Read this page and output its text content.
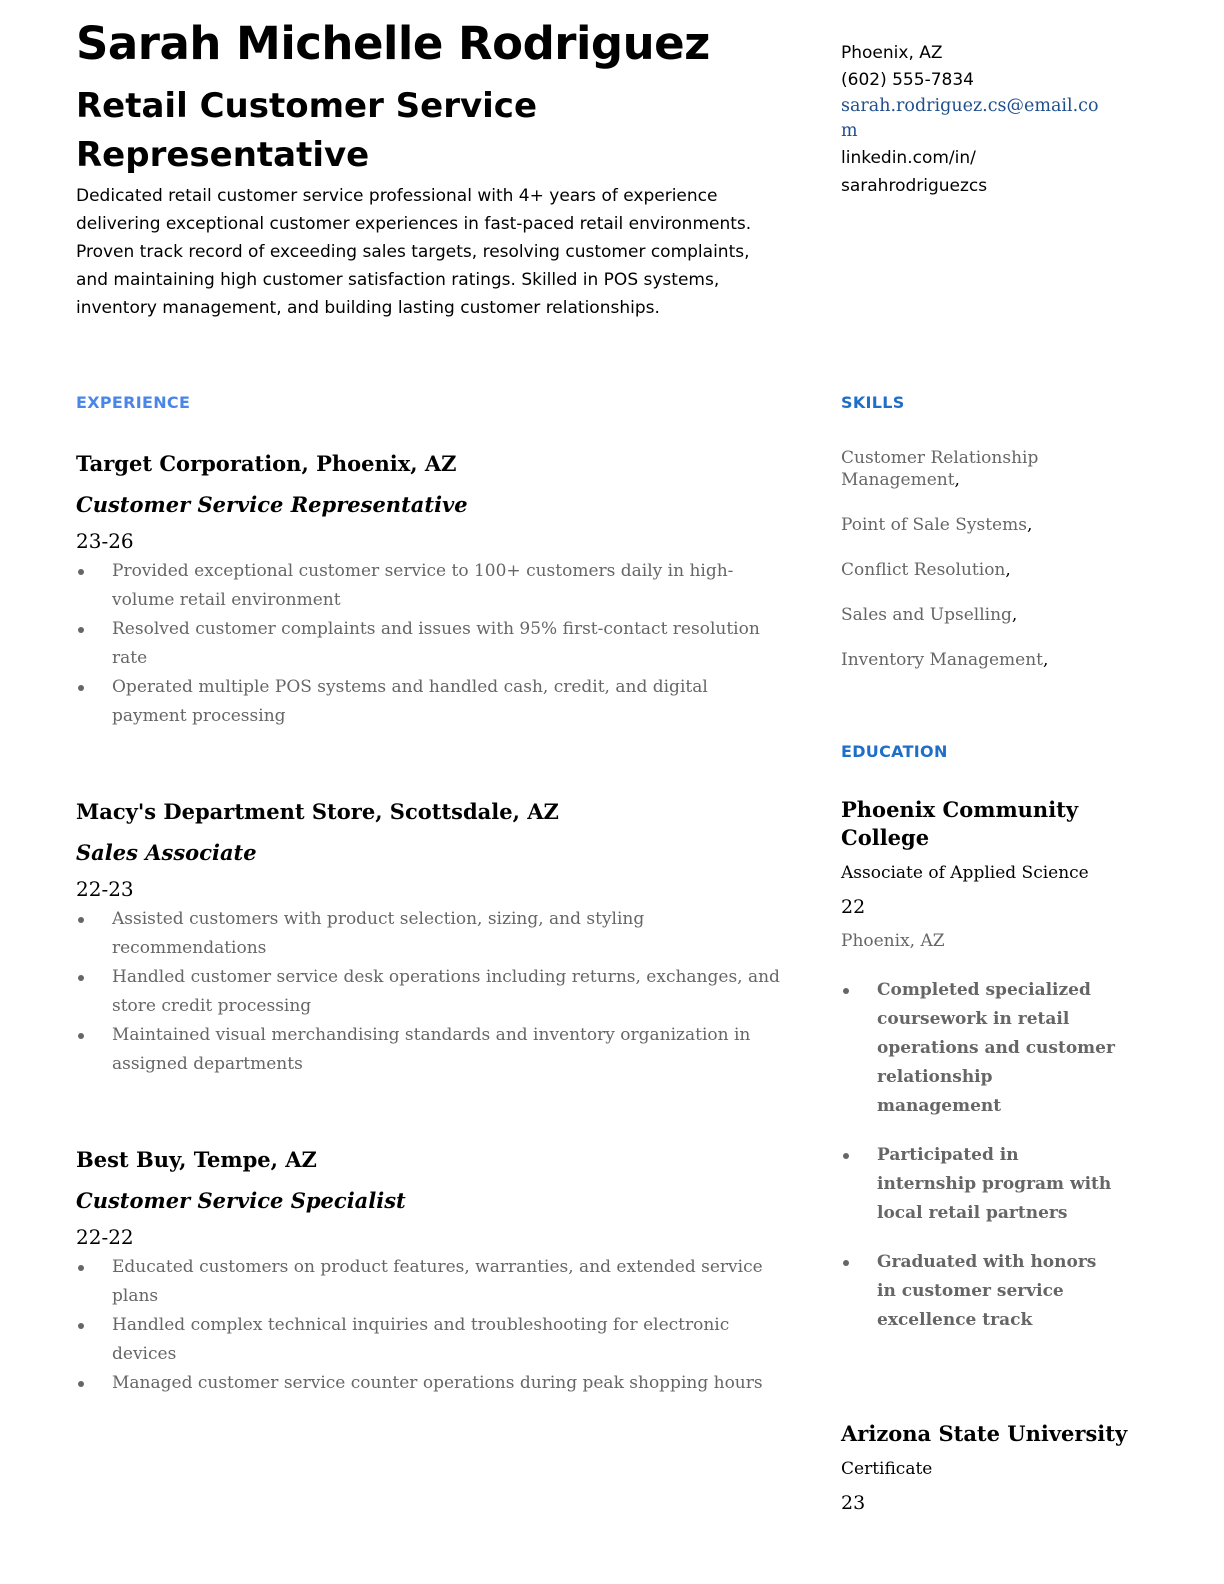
Sarah Michelle Rodriguez
Retail Customer Service Representative

Dedicated retail customer service professional with 4+ years of experience delivering exceptional customer experiences in fast-paced retail environments. Proven track record of exceeding sales targets, resolving customer complaints, and maintaining high customer satisfaction ratings. Skilled in POS systems, inventory management, and building lasting customer relationships.

Phoenix, AZ
(602) 555-7834
sarah.rodriguez.cs@email.com
linkedin.com/in/
sarahrodriguezcs
EXPERIENCE	SKILLS
EDUCATION

Target Corporation, Phoenix, AZ

Customer Service Representative

23-26

Provided exceptional customer service to 100+ customers daily in high-volume retail environment
Resolved customer complaints and issues with 95% first-contact resolution rate
Operated multiple POS systems and handled cash, credit, and digital payment processing

Macy's Department Store, Scottsdale, AZ

Sales Associate

22-23

Assisted customers with product selection, sizing, and styling recommendations
Handled customer service desk operations including returns, exchanges, and store credit processing
Maintained visual merchandising standards and inventory organization in assigned departments

Best Buy, Tempe, AZ

Customer Service Specialist

22-22

Educated customers on product features, warranties, and extended service plans
Handled complex technical inquiries and troubleshooting for electronic devices
Managed customer service counter operations during peak shopping hours
Customer Relationship Management,
Point of Sale Systems,
Conflict Resolution,
Sales and Upselling,
Inventory Management,

Phoenix Community College

Associate of Applied Science

22

Phoenix, AZ

Completed specialized coursework in retail operations and customer relationship management
Participated in internship program with local retail partners
Graduated with honors in customer service excellence track

Arizona State University

Certificate

23
